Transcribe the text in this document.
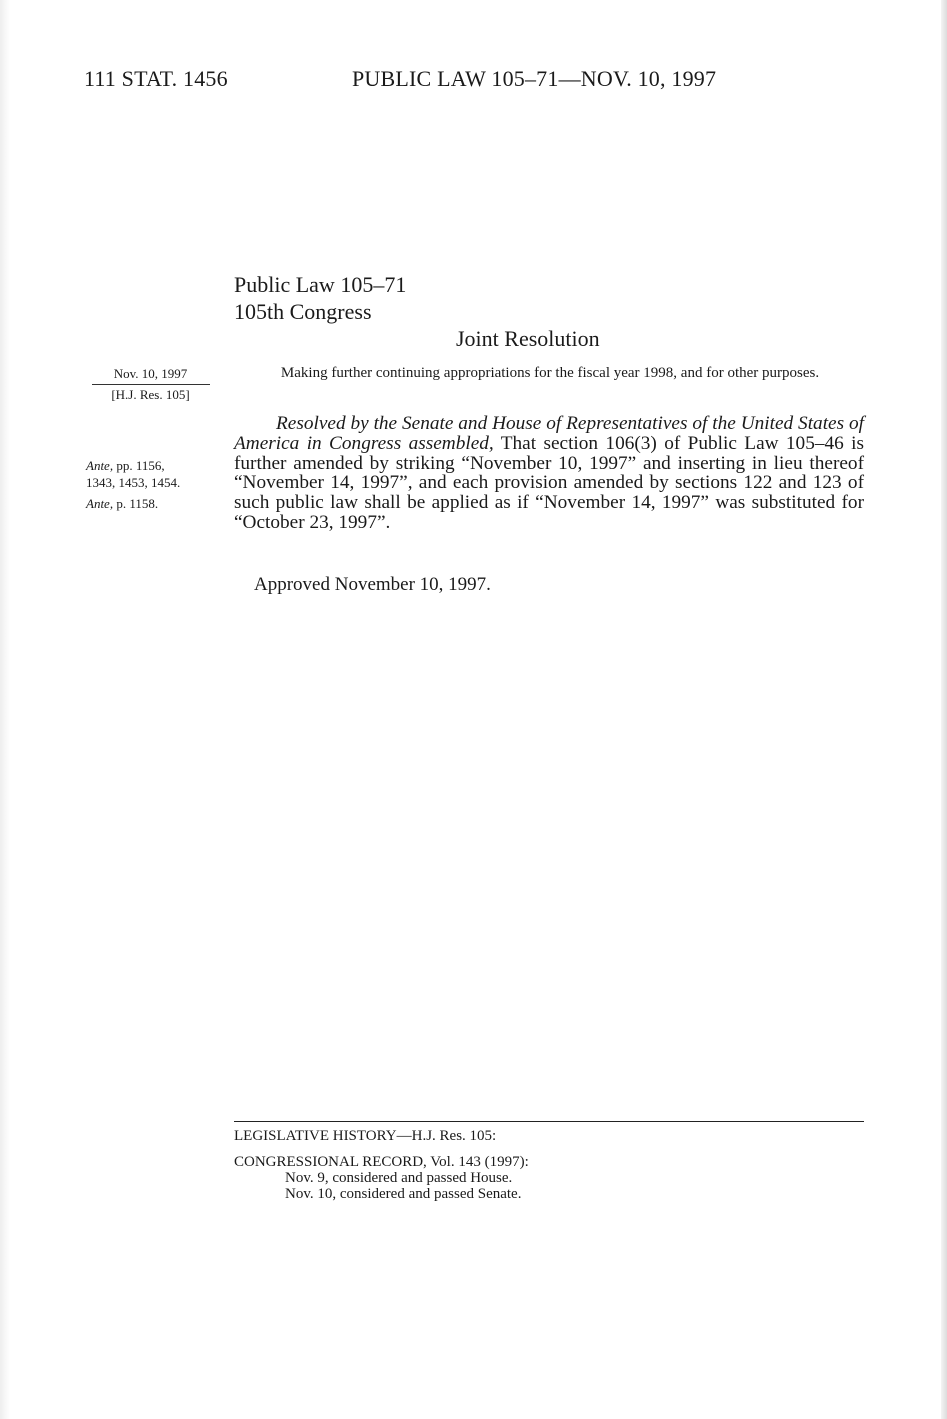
111 STAT. 1456	PUBLIC LAW 105–71—NOV. 10, 1997
Public Law 105–71
105th Congress
Joint Resolution
Nov. 10, 1997
[H.J. Res. 105]
Ante, pp. 1156,
1343, 1453, 1454.
Ante, p. 1158.
Making further continuing appropriations for the fiscal year 1998, and for other purposes.

Resolved by the Senate and House of Representatives of the United States of America in Congress assembled, That section 106(3) of Public Law 105–46 is further amended by striking “November 10, 1997” and inserting in lieu thereof “November 14, 1997”, and each provision amended by sections 122 and 123 of such public law shall be applied as if “November 14, 1997” was substituted for “October 23, 1997”.

Approved November 10, 1997.
LEGISLATIVE HISTORY—H.J. Res. 105:
CONGRESSIONAL RECORD, Vol. 143 (1997):
Nov. 9, considered and passed House.
Nov. 10, considered and passed Senate.
